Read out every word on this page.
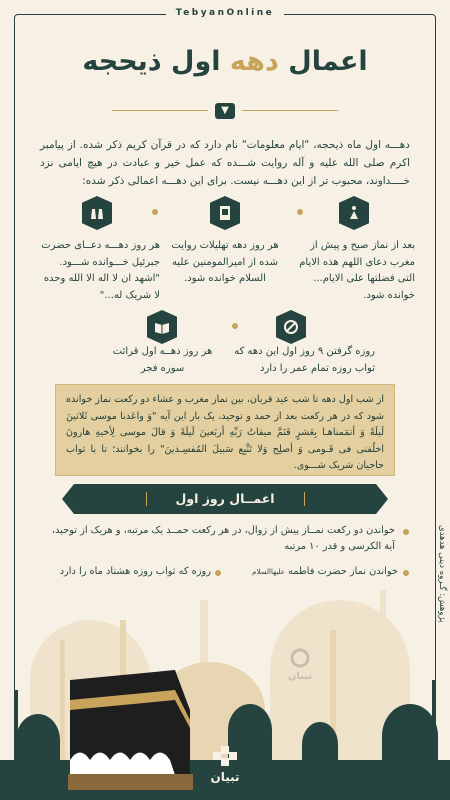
TebyanOnline
اعمال دهه اول ذیحجه
▼
دهـــه اول ماه ذیحجه، "ایام معلومات" نام دارد که در قرآن کریم ذکر شده. از پیامبر اکرم صلی الله علیه و آله روایت شـــده که عمل خیر و عبادت در هیچ ایامی نزد خــــداوند، محبوب تر از این دهـــه نیست. برای این دهـــه اعمالی ذکر شده:
بعد از نماز صبح و پیش از مغرب دعای اللهم هذه الایام التی فضلتها علی الایام... خوانده شود.
هر روز دهه تهلیلات روایت شده از امیرالمومنین علیه السلام خوانده شود.
هر روز دهـــه دعــای حضرت جبرئیل خـــوانده شـــود. "اشهد ان لا اله الا الله وحده لا شریک له..."
روزه گرفتن ۹ روز اول این دهه که ثواب روزه تمام عمر را دارد
هر روز دهــه اول قرائت سوره فجر
از شب اول دهه تا شب عید قربان، بین نماز مغرب و عشاء دو رکعت نماز خوانده شود که در هر رکعت بعد از حمد و توحید، یک بار این آیه "وَ واعَدنا موسی ثَلاثینَ لَیلَةً وَ أتمَمناهـا بِعَشرٍ فَتَمَّ میقاتُ رَبِّهِ أربَعینَ لَیلَةً وَ قالَ موسی لِأخیهِ هارونَ اخلُفنی فی قَـومی وَ أصلِح وَلا تَتَّبِع سَبیلَ المُفسِـدینَ" را بخوانند؛ تا با ثواب حاجیان شریک شـــوی.
اعمــال روز اول
خواندن دو رکعت نمــاز پیش از زوال، در هر رکعت حمــد یک مرتبه، و هریک از توحید، آیة الکرسی و قدر ۱۰ مرتبه
خواندن نماز حضرت فاطمه علیهاالسلام
روزه که ثواب روزه هشتاد ماه را دارد	پژوهش: گـروه دینی هدهدی
تبیان
تبیان
